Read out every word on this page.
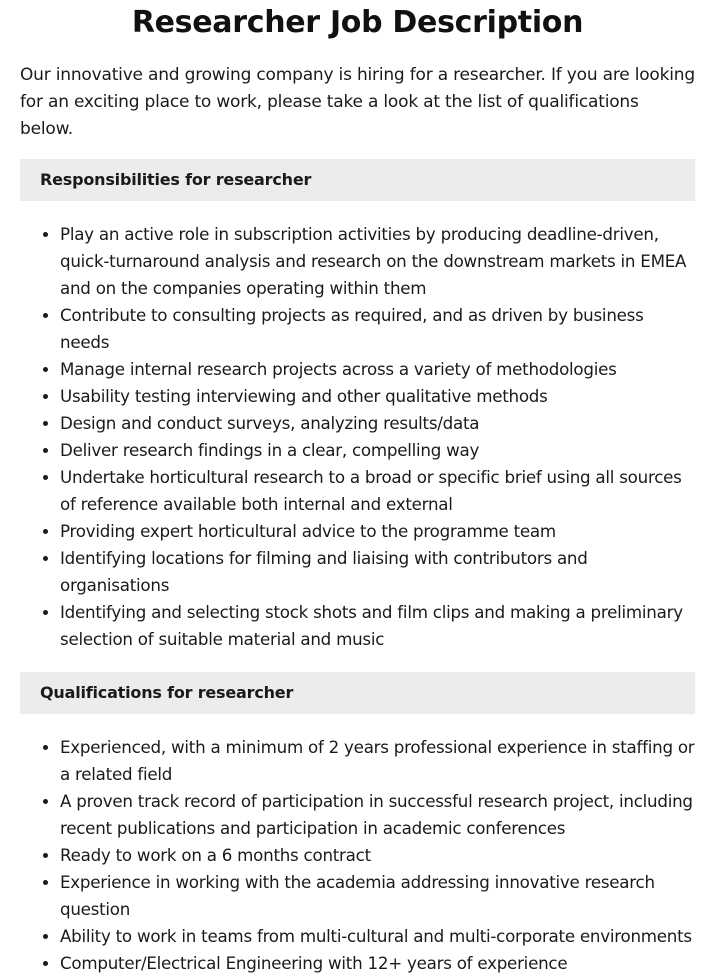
Researcher Job Description

Our innovative and growing company is hiring for a researcher. If you are looking for an exciting place to work, please take a look at the list of qualifications below.

Responsibilities for researcher
Play an active role in subscription activities by producing deadline-driven, quick-turnaround analysis and research on the downstream markets in EMEA and on the companies operating within them
Contribute to consulting projects as required, and as driven by business needs
Manage internal research projects across a variety of methodologies
Usability testing interviewing and other qualitative methods
Design and conduct surveys, analyzing results/data
Deliver research findings in a clear, compelling way
Undertake horticultural research to a broad or specific brief using all sources of reference available both internal and external
Providing expert horticultural advice to the programme team
Identifying locations for filming and liaising with contributors and organisations
Identifying and selecting stock shots and film clips and making a preliminary selection of suitable material and music
Qualifications for researcher
Experienced, with a minimum of 2 years professional experience in staffing or a related field
A proven track record of participation in successful research project, including recent publications and participation in academic conferences
Ready to work on a 6 months contract
Experience in working with the academia addressing innovative research question
Ability to work in teams from multi-cultural and multi-corporate environments
Computer/Electrical Engineering with 12+ years of experience
